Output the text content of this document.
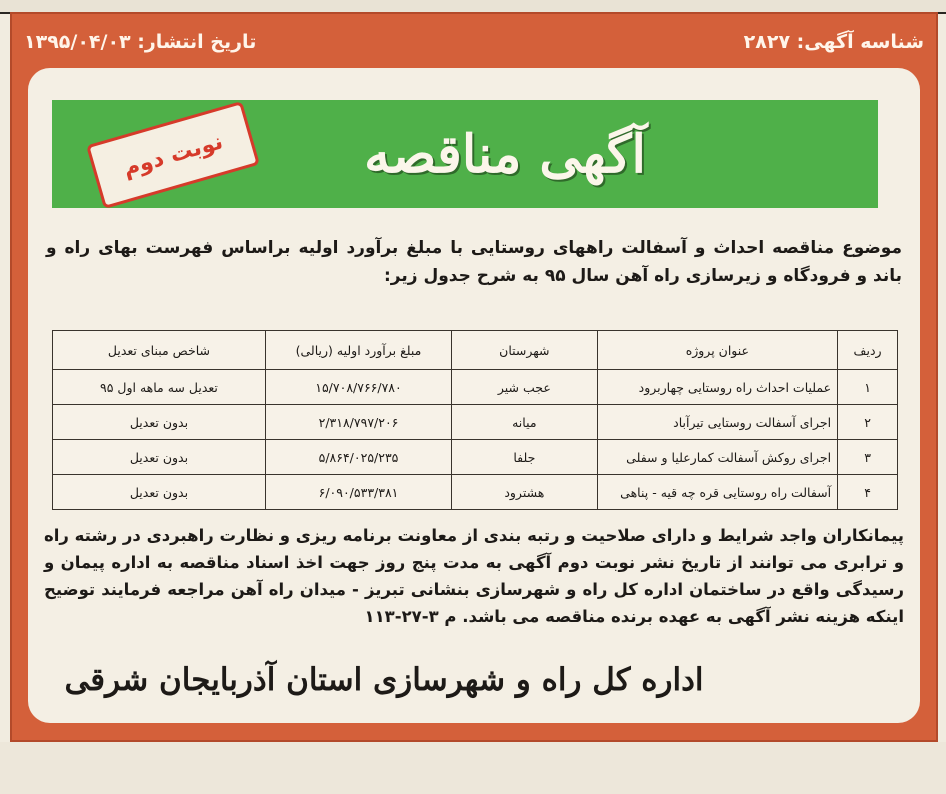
شناسه آگهی: ۲۸۲۷
تاریخ انتشار: ۱۳۹۵/۰۴/۰۳
آگهی مناقصه
نوبت دوم
موضوع مناقصه احداث و آسفالت راههای روستایی با مبلغ برآورد اولیه براساس فهرست بهای راه و باند و فرودگاه و زیرسازی راه آهن سال ۹۵ به شرح جدول زیر:
ردیف	عنوان پروژه	شهرستان	مبلغ برآورد اولیه (ریالی)	شاخص مبنای تعدیل
۱	عملیات احداث راه روستایی چهاربرود	عجب شیر	۱۵/۷۰۸/۷۶۶/۷۸۰	تعدیل سه ماهه اول ۹۵
۲	اجرای آسفالت روستایی تیرآباد	میانه	۲/۳۱۸/۷۹۷/۲۰۶	بدون تعدیل
۳	اجرای روکش آسفالت کمارعلیا و سفلی	جلفا	۵/۸۶۴/۰۲۵/۲۳۵	بدون تعدیل
۴	آسفالت راه روستایی قره چه قیه - پناهی	هشترود	۶/۰۹۰/۵۳۳/۳۸۱	بدون تعدیل
پیمانکاران واجد شرایط و دارای صلاحیت و رتبه بندی از معاونت برنامه ریزی و نظارت راهبردی در رشته راه و ترابری می توانند از تاریخ نشر نوبت دوم آگهی به مدت پنج روز جهت اخذ اسناد مناقصه به اداره پیمان و رسیدگی واقع در ساختمان اداره کل راه و شهرسازی بنشانی تبریز - میدان راه آهن مراجعه فرمایند توضیح اینکه هزینه نشر آگهی به عهده برنده مناقصه می باشد. م ۳-۲۷-۱۱۳
اداره کل راه و شهرسازی استان آذربایجان شرقی
